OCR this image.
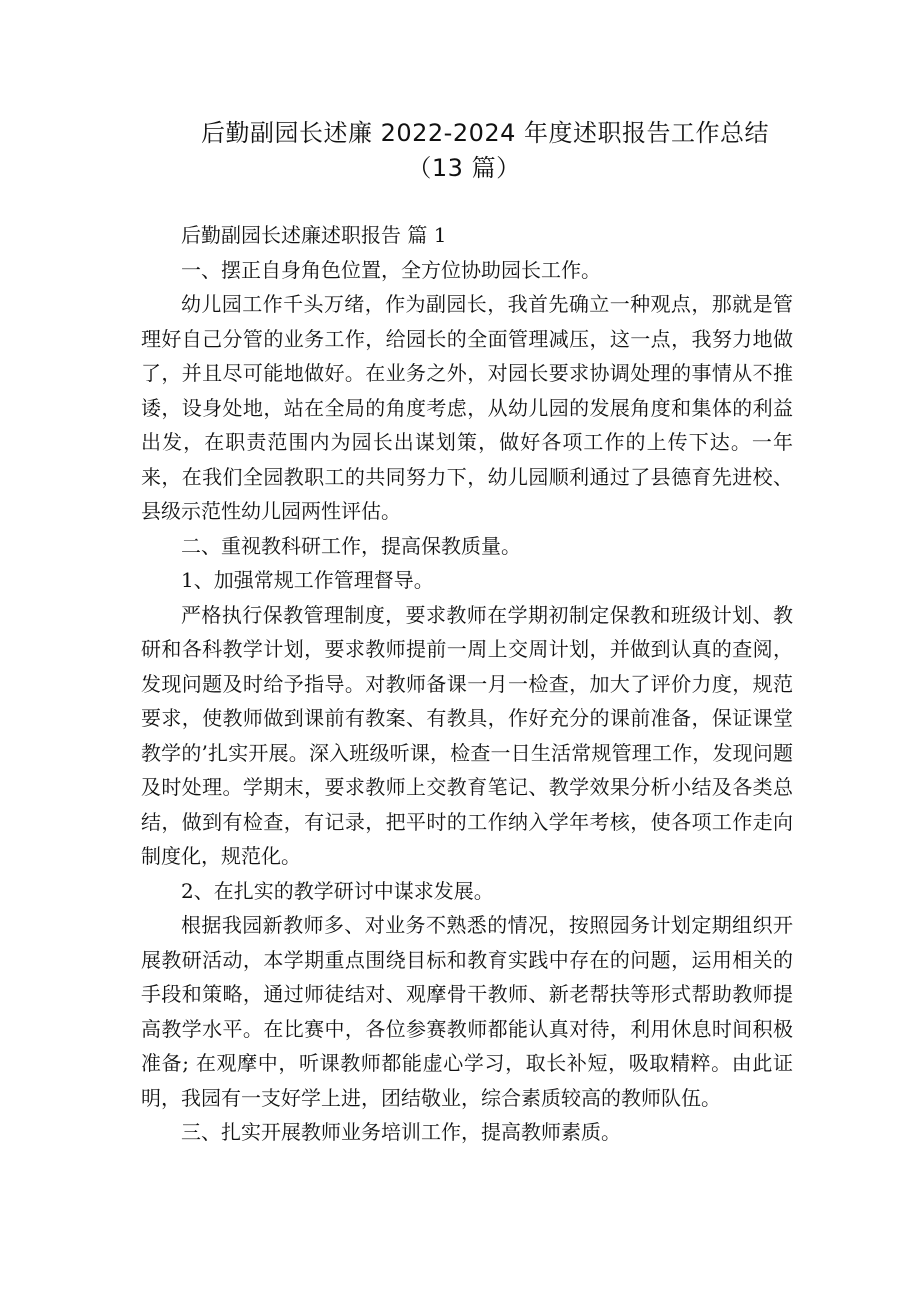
后勤副园长述廉 2022-2024 年度述职报告工作总结
（13 篇）

后勤副园长述廉述职报告 篇 1

一、摆正自身角色位置，全方位协助园长工作。

幼儿园工作千头万绪，作为副园长，我首先确立一种观点，那就是管理好自己分管的业务工作，给园长的全面管理减压，这一点，我努力地做了，并且尽可能地做好。在业务之外，对园长要求协调处理的事情从不推诿，设身处地，站在全局的角度考虑，从幼儿园的发展角度和集体的利益出发，在职责范围内为园长出谋划策，做好各项工作的上传下达。一年来，在我们全园教职工的共同努力下，幼儿园顺利通过了县德育先进校、县级示范性幼儿园两性评估。

二、重视教科研工作，提高保教质量。

1、加强常规工作管理督导。

严格执行保教管理制度，要求教师在学期初制定保教和班级计划、教研和各科教学计划，要求教师提前一周上交周计划，并做到认真的查阅，发现问题及时给予指导。对教师备课一月一检查，加大了评价力度，规范要求，使教师做到课前有教案、有教具，作好充分的课前准备，保证课堂教学的’扎实开展。深入班级听课，检查一日生活常规管理工作，发现问题及时处理。学期末，要求教师上交教育笔记、教学效果分析小结及各类总结，做到有检查，有记录，把平时的工作纳入学年考核，使各项工作走向制度化，规范化。

2、在扎实的教学研讨中谋求发展。

根据我园新教师多、对业务不熟悉的情况，按照园务计划定期组织开展教研活动，本学期重点围绕目标和教育实践中存在的问题，运用相关的手段和策略，通过师徒结对、观摩骨干教师、新老帮扶等形式帮助教师提高教学水平。在比赛中，各位参赛教师都能认真对待，利用休息时间积极准备; 在观摩中，听课教师都能虚心学习，取长补短，吸取精粹。由此证明，我园有一支好学上进，团结敬业，综合素质较高的教师队伍。

三、扎实开展教师业务培训工作，提高教师素质。
